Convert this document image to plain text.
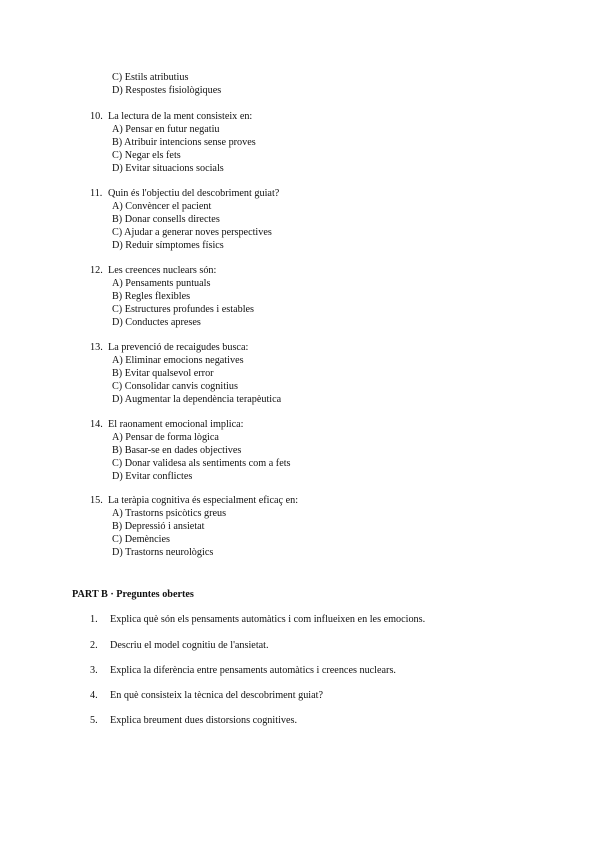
C) Estils atributius
D) Respostes fisiològiques
10. La lectura de la ment consisteix en:
A) Pensar en futur negatiu
B) Atribuir intencions sense proves
C) Negar els fets
D) Evitar situacions socials
11. Quin és l'objectiu del descobriment guiat?
A) Convèncer el pacient
B) Donar consells directes
C) Ajudar a generar noves perspectives
D) Reduir símptomes físics
12. Les creences nuclears són:
A) Pensaments puntuals
B) Regles flexibles
C) Estructures profundes i estables
D) Conductes apreses
13. La prevenció de recaigudes busca:
A) Eliminar emocions negatives
B) Evitar qualsevol error
C) Consolidar canvis cognitius
D) Augmentar la dependència terapèutica
14. El raonament emocional implica:
A) Pensar de forma lògica
B) Basar-se en dades objectives
C) Donar validesa als sentiments com a fets
D) Evitar conflictes
15. La teràpia cognitiva és especialment eficaç en:
A) Trastorns psicòtics greus
B) Depressió i ansietat
C) Demències
D) Trastorns neurològics
PART B · Preguntes obertes
1. Explica què són els pensaments automàtics i com influeixen en les emocions.
2. Descriu el model cognitiu de l'ansietat.
3. Explica la diferència entre pensaments automàtics i creences nuclears.
4. En què consisteix la tècnica del descobriment guiat?
5. Explica breument dues distorsions cognitives.
